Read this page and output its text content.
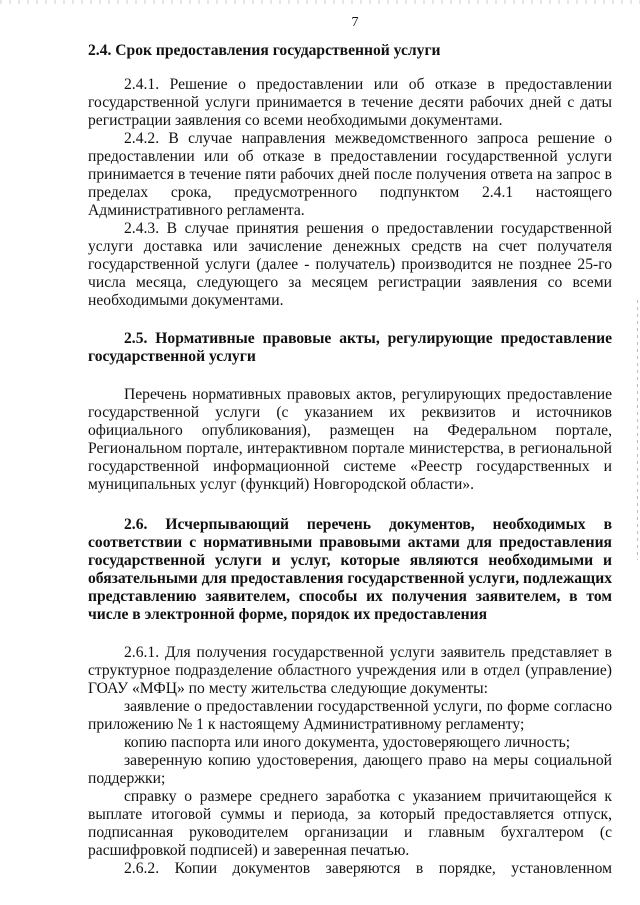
7
2.4. Срок предоставления государственной услуги

2.4.1. Решение о предоставлении или об отказе в предоставлении государственной услуги принимается в течение десяти рабочих дней с даты регистрации заявления со всеми необходимыми документами.

2.4.2. В случае направления межведомственного запроса решение о предоставлении или об отказе в предоставлении государственной услуги принимается в течение пяти рабочих дней после получения ответа на запрос в пределах срока, предусмотренного подпунктом 2.4.1 настоящего Административного регламента.

2.4.3. В случае принятия решения о предоставлении государственной услуги доставка или зачисление денежных средств на счет получателя государственной услуги (далее - получатель) производится не позднее 25-го числа месяца, следующего за месяцем регистрации заявления со всеми необходимыми документами.

2.5. Нормативные правовые акты, регулирующие предоставление государственной услуги

Перечень нормативных правовых актов, регулирующих предоставление государственной услуги (с указанием их реквизитов и источников официального опубликования), размещен на Федеральном портале, Региональном портале, интерактивном портале министерства, в региональной государственной информационной системе «Реестр государственных и муниципальных услуг (функций) Новгородской области».

2.6. Исчерпывающий перечень документов, необходимых в соответствии с нормативными правовыми актами для предоставления государственной услуги и услуг, которые являются необходимыми и обязательными для предоставления государственной услуги, подлежащих представлению заявителем, способы их получения заявителем, в том числе в электронной форме, порядок их предоставления

2.6.1. Для получения государственной услуги заявитель представляет в структурное подразделение областного учреждения или в отдел (управление) ГОАУ «МФЦ» по месту жительства следующие документы:

заявление о предоставлении государственной услуги, по форме согласно приложению № 1 к настоящему Административному регламенту;

копию паспорта или иного документа, удостоверяющего личность;

заверенную копию удостоверения, дающего право на меры социальной поддержки;

справку о размере среднего заработка с указанием причитающейся к выплате итоговой суммы и периода, за который предоставляется отпуск, подписанная руководителем организации и главным бухгалтером (с расшифровкой подписей) и заверенная печатью.

2.6.2. Копии документов заверяются в порядке, установленном
